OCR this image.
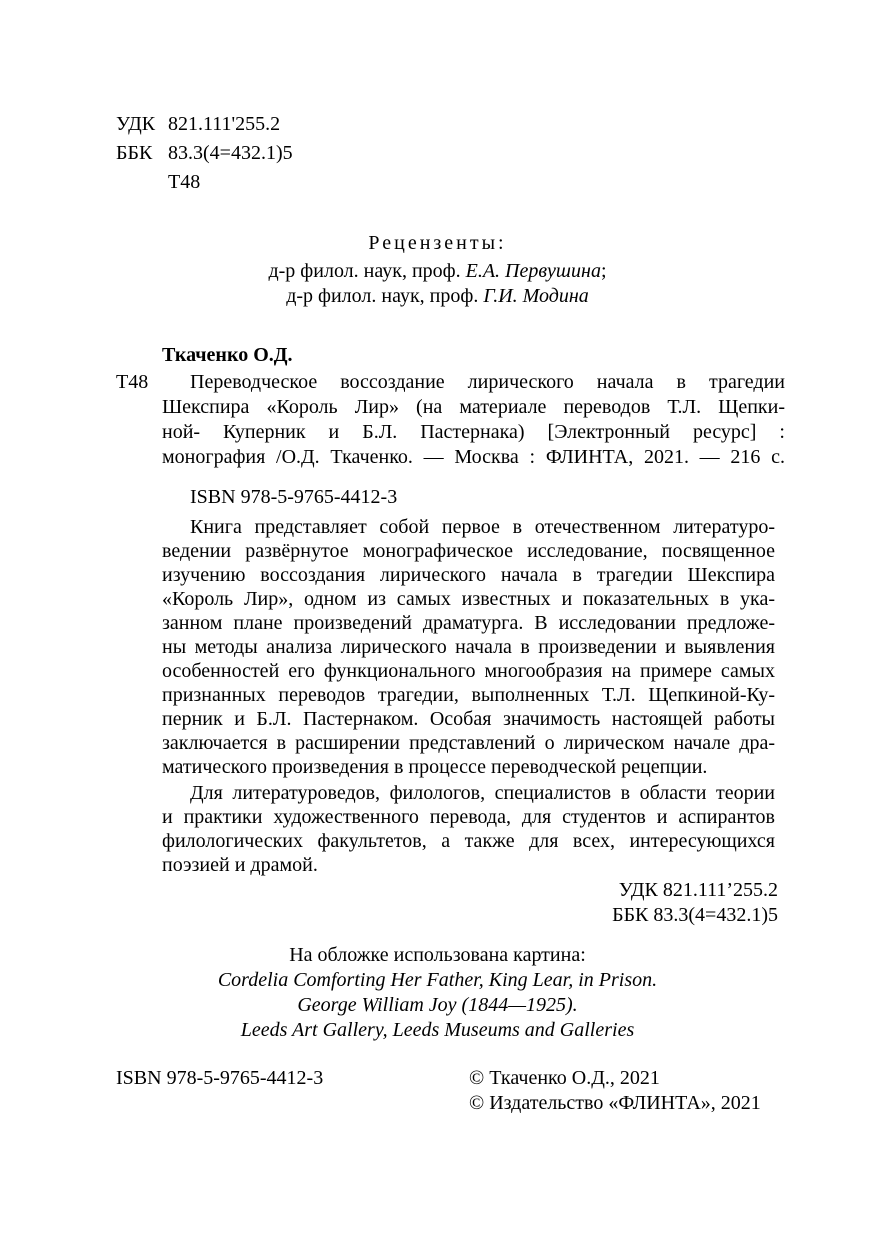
УДК 821.111'255.2
ББК 83.3(4=432.1)5
Т48
Рецензенты:
д-р филол. наук, проф. Е.А. Первушина;
д-р филол. наук, проф. Г.И. Модина
Ткаченко О.Д.
Т48 Переводческое воссоздание лирического начала в трагедии
Шекспира «Король Лир» (на материале переводов Т.Л. Щепки-
ной- Куперник и Б.Л. Пастернака) [Электронный ресурс] :
монография /О.Д. Ткаченко. — Москва : ФЛИНТА, 2021. — 216 с.
ISBN 978-5-9765-4412-3
Книга представляет собой первое в отечественном литературо-
ведении развёрнутое монографическое исследование, посвященное
изучению воссоздания лирического начала в трагедии Шекспира
«Король Лир», одном из самых известных и показательных в ука-
занном плане произведений драматурга. В исследовании предложе-
ны методы анализа лирического начала в произведении и выявления
особенностей его функционального многообразия на примере самых
признанных переводов трагедии, выполненных Т.Л. Щепкиной-Ку-
перник и Б.Л. Пастернаком. Особая значимость настоящей работы
заключается в расширении представлений о лирическом начале дра-
матического произведения в процессе переводческой рецепции.
Для литературоведов, филологов, специалистов в области теории
и практики художественного перевода, для студентов и аспирантов
филологических факультетов, а также для всех, интересующихся
поэзией и драмой.
УДК 821.111’255.2
ББК 83.3(4=432.1)5
На обложке использована картина:
Cordelia Comforting Her Father, King Lear, in Prison.
George William Joy (1844—1925).
Leeds Art Gallery, Leeds Museums and Galleries
ISBN 978-5-9765-4412-3	© Ткаченко О.Д., 2021
© Издательство «ФЛИНТА», 2021
